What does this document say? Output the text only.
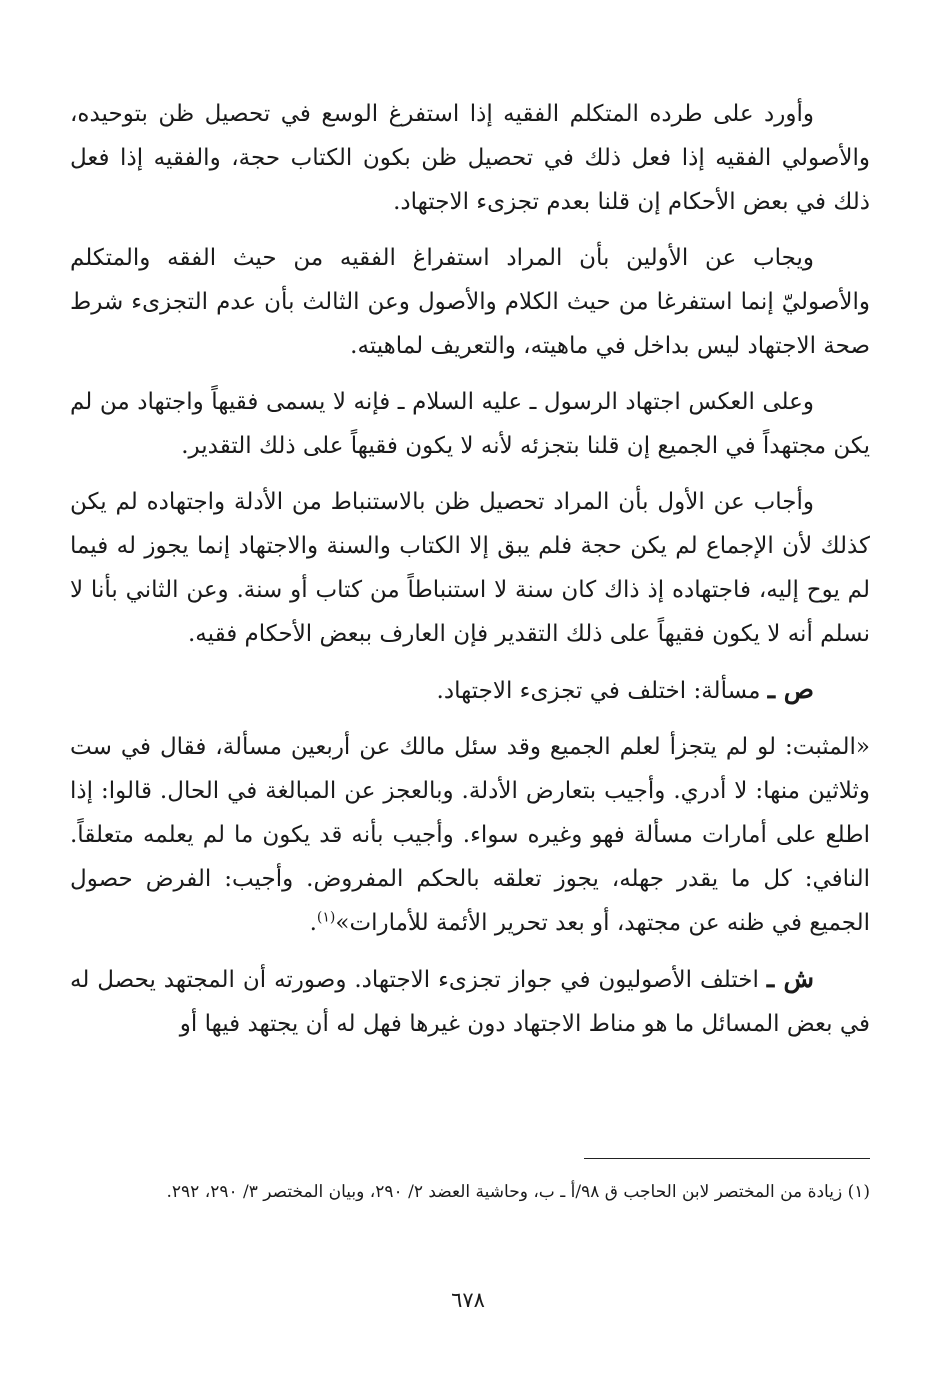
وأورد على طرده المتكلم الفقيه إذا استفرغ الوسع في تحصيل ظن بتوحيده، والأصولي الفقيه إذا فعل ذلك في تحصيل ظن بكون الكتاب حجة، والفقيه إذا فعل ذلك في بعض الأحكام إن قلنا بعدم تجزىء الاجتهاد.

ويجاب عن الأولين بأن المراد استفراغ الفقيه من حيث الفقه والمتكلم والأصوليّ إنما استفرغا من حيث الكلام والأصول وعن الثالث بأن عدم التجزىء شرط صحة الاجتهاد ليس بداخل في ماهيته، والتعريف لماهيته.

وعلى العكس اجتهاد الرسول ـ عليه السلام ـ فإنه لا يسمى فقيهاً واجتهاد من لم يكن مجتهداً في الجميع إن قلنا بتجزئه لأنه لا يكون فقيهاً على ذلك التقدير.

وأجاب عن الأول بأن المراد تحصيل ظن بالاستنباط من الأدلة واجتهاده لم يكن كذلك لأن الإجماع لم يكن حجة فلم يبق إلا الكتاب والسنة والاجتهاد إنما يجوز له فيما لم يوح إليه، فاجتهاده إذ ذاك كان سنة لا استنباطاً من كتاب أو سنة. وعن الثاني بأنا لا نسلم أنه لا يكون فقيهاً على ذلك التقدير فإن العارف ببعض الأحكام فقيه.

ص ـ مسألة: اختلف في تجزىء الاجتهاد.

«المثبت: لو لم يتجزأ لعلم الجميع وقد سئل مالك عن أربعين مسألة، فقال في ست وثلاثين منها: لا أدري. وأجيب بتعارض الأدلة. وبالعجز عن المبالغة في الحال. قالوا: إذا اطلع على أمارات مسألة فهو وغيره سواء. وأجيب بأنه قد يكون ما لم يعلمه متعلقاً. النافي: كل ما يقدر جهله، يجوز تعلقه بالحكم المفروض. وأجيب: الفرض حصول الجميع في ظنه عن مجتهد، أو بعد تحرير الأئمة للأمارات»$^{(١)}$.

ش ـ اختلف الأصوليون في جواز تجزىء الاجتهاد. وصورته أن المجتهد يحصل له في بعض المسائل ما هو مناط الاجتهاد دون غيرها فهل له أن يجتهد فيها أو

(١) زيادة من المختصر لابن الحاجب ق ٩٨/أ ـ ب، وحاشية العضد ٢/ ٢٩٠، وبيان المختصر ٣/ ٢٩٠، ٢٩٢.
٦٧٨
